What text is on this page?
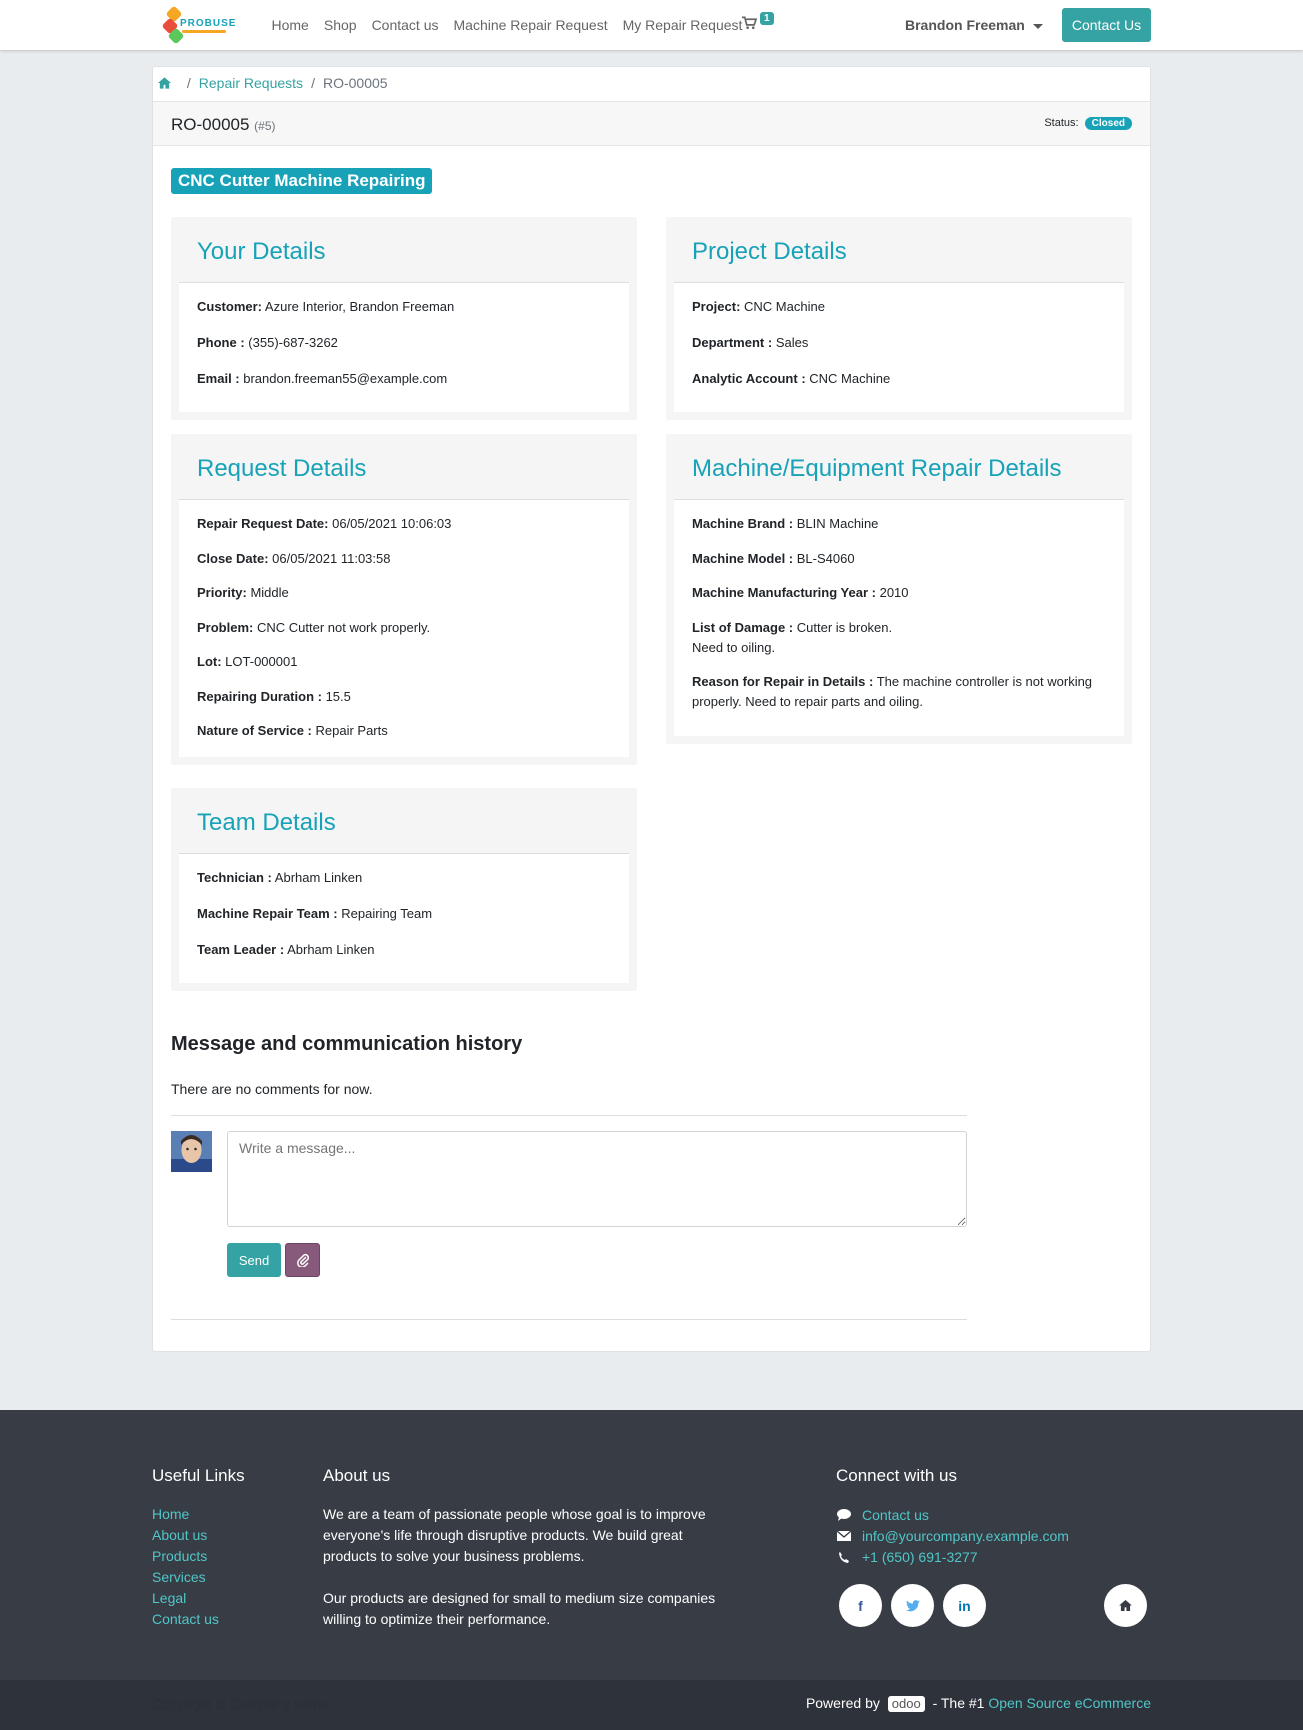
PROBUSE	Home Shop Contact us Machine Repair Request My Repair Request	1	Brandon Freeman	Contact Us
/ Repair Requests / RO-00005
RO-00005 (#5)	Status: Closed
CNC Cutter Machine Repairing
Your Details
Customer: Azure Interior, Brandon Freeman
Phone : (355)-687-3262
Email : brandon.freeman55@example.com
Project Details
Project: CNC Machine
Department : Sales
Analytic Account : CNC Machine
Request Details
Repair Request Date: 06/05/2021 10:06:03
Close Date: 06/05/2021 11:03:58
Priority: Middle
Problem: CNC Cutter not work properly.
Lot: LOT-000001
Repairing Duration : 15.5
Nature of Service : Repair Parts
Machine/Equipment Repair Details
Machine Brand : BLIN Machine
Machine Model : BL-S4060
Machine Manufacturing Year : 2010
List of Damage : Cutter is broken.
Need to oiling.
Reason for Repair in Details : The machine controller is not working properly. Need to repair parts and oiling.
Team Details
Technician : Abrham Linken
Machine Repair Team : Repairing Team
Team Leader : Abrham Linken
Message and communication history
There are no comments for now.
Write a message...
Send
Useful Links
Home
About us
Products
Services
Legal
Contact us
About us

We are a team of passionate people whose goal is to improve everyone's life through disruptive products. We build great products to solve your business problems.

Our products are designed for small to medium size companies willing to optimize their performance.

Connect with us
Contact us
info@yourcompany.example.com
+1 (650) 691-3277
f	in
Copyright © Company name	Powered by odoo - The #1 Open Source eCommerce
